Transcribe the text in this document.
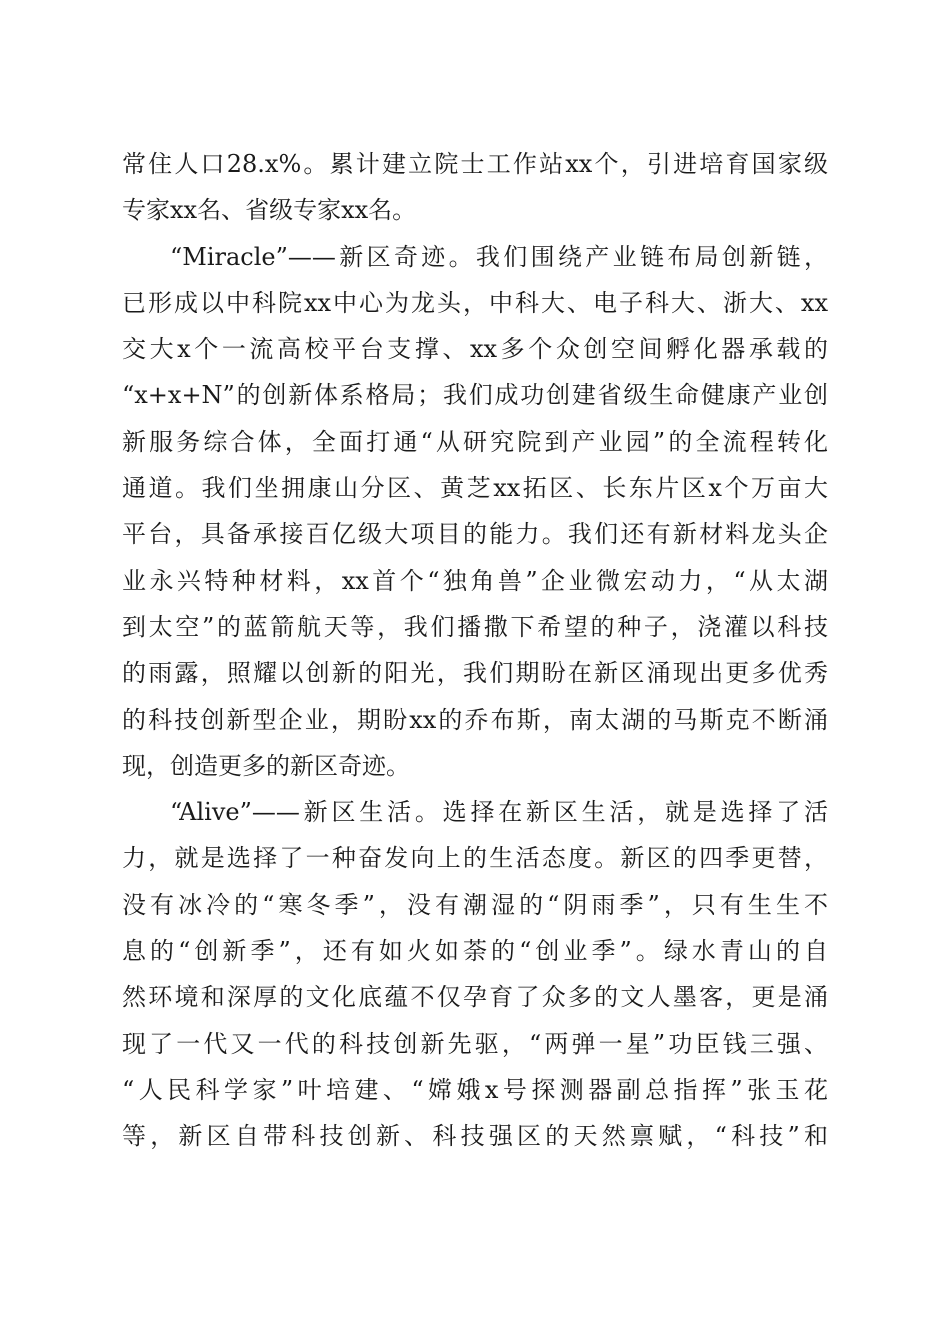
常住人口28.x%。累计建立院士工作站xx个，引进培育国家级
专家xx名、省级专家xx名。
“Miracle”——新区奇迹。我们围绕产业链布局创新链，
已形成以中科院xx中心为龙头，中科大、电子科大、浙大、xx
交大x个一流高校平台支撑、xx多个众创空间孵化器承载的
“x+x+N”的创新体系格局；我们成功创建省级生命健康产业创
新服务综合体，全面打通“从研究院到产业园”的全流程转化
通道。我们坐拥康山分区、黄芝xx拓区、长东片区x个万亩大
平台，具备承接百亿级大项目的能力。我们还有新材料龙头企
业永兴特种材料，xx首个“独角兽”企业微宏动力，“从太湖
到太空”的蓝箭航天等，我们播撒下希望的种子，浇灌以科技
的雨露，照耀以创新的阳光，我们期盼在新区涌现出更多优秀
的科技创新型企业，期盼xx的乔布斯，南太湖的马斯克不断涌
现，创造更多的新区奇迹。
“Alive”——新区生活。选择在新区生活，就是选择了活
力，就是选择了一种奋发向上的生活态度。新区的四季更替，
没有冰冷的“寒冬季”，没有潮湿的“阴雨季”，只有生生不
息的“创新季”，还有如火如荼的“创业季”。绿水青山的自
然环境和深厚的文化底蕴不仅孕育了众多的文人墨客，更是涌
现了一代又一代的科技创新先驱，“两弹一星”功臣钱三强、
“人民科学家”叶培建、“嫦娥x号探测器副总指挥”张玉花
等，新区自带科技创新、科技强区的天然禀赋，“科技”和
